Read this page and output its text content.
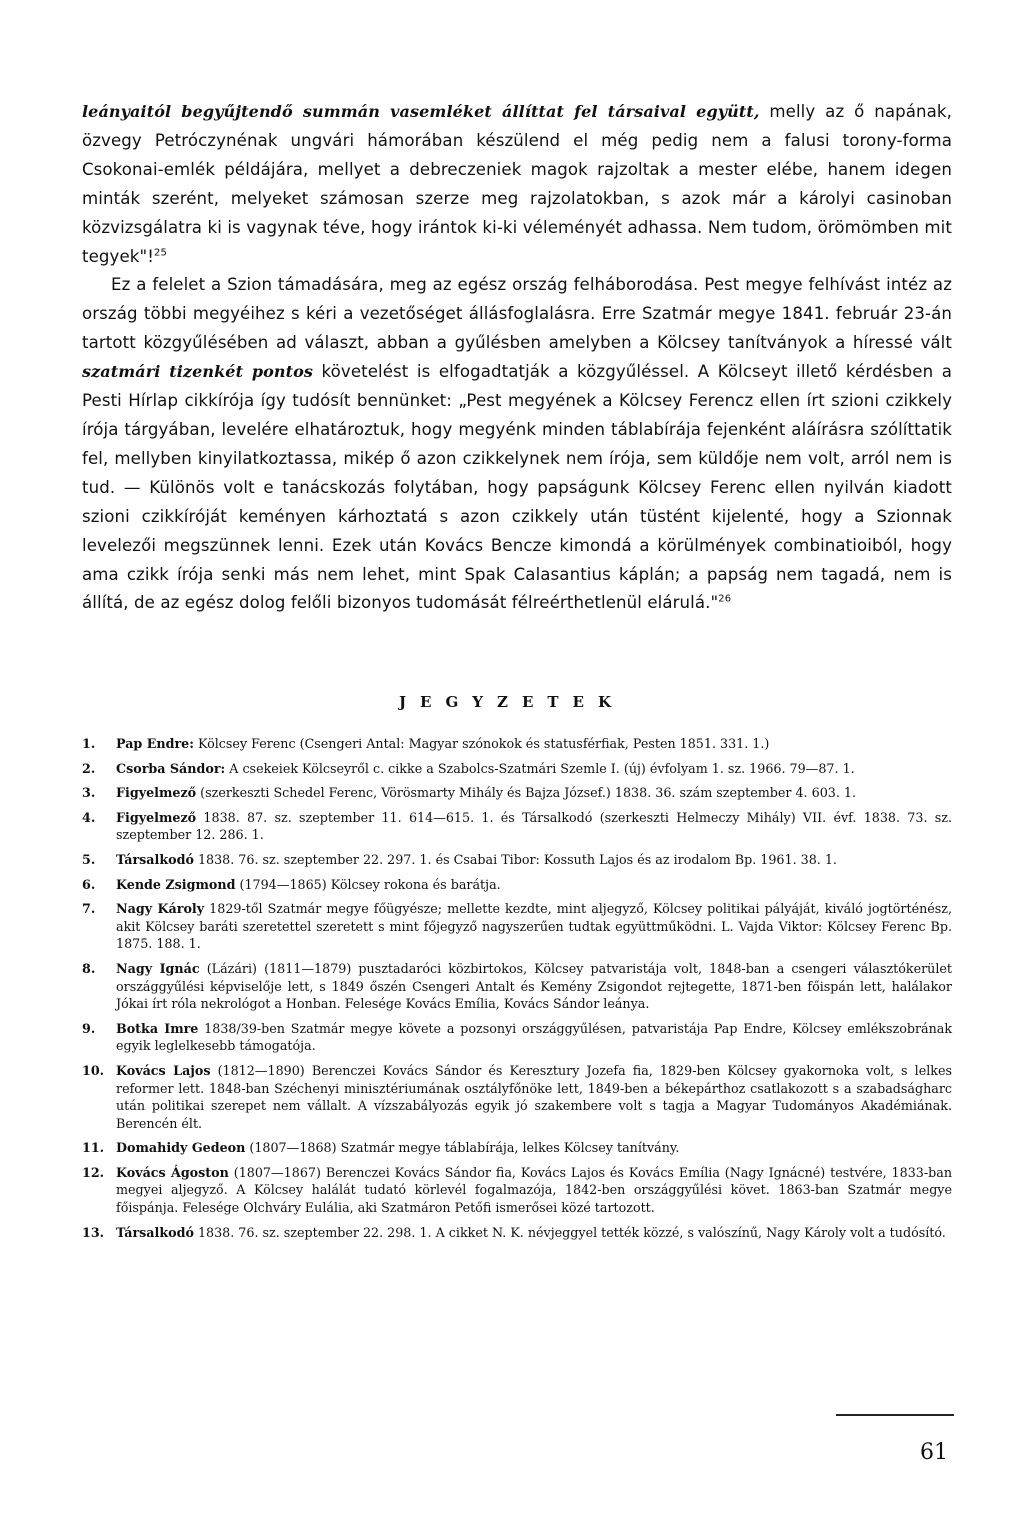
leányaitól begyűjtendő summán vasemléket állíttat fel társaival együtt, melly az ő napának, özvegy Petróczynénak ungvári hámorában készülend el még pedig nem a falusi torony-forma Csokonai-emlék példájára, mellyet a debreczeniek magok rajzoltak a mester elébe, hanem idegen minták szerént, melyeket számosan szerze meg rajzolatokban, s azok már a károlyi casinoban közvizsgálatra ki is vagynak téve, hogy irántok ki-ki véleményét adhassa. Nem tudom, örömömben mit tegyek"!$^{25}$

Ez a felelet a Szion támadására, meg az egész ország felháborodása. Pest megye felhívást intéz az ország többi megyéihez s kéri a vezetőséget állásfoglalásra. Erre Szatmár megye 1841. február 23-án tartott közgyűlésében ad választ, abban a gyűlésben amelyben a Kölcsey tanítványok a híressé vált szatmári tizenkét pontos követelést is elfogadtatják a közgyűléssel. A Kölcseyt illető kérdésben a Pesti Hírlap cikkírója így tudósít bennünket: „Pest megyének a Kölcsey Ferencz ellen írt szioni czikkely írója tárgyában, levelére elhatároztuk, hogy megyénk minden táblabírája fejenként aláírásra szólíttatik fel, mellyben kinyilatkoztassa, mikép ő azon czikkelynek nem írója, sem küldője nem volt, arról nem is tud. — Különös volt e tanácskozás folytában, hogy papságunk Kölcsey Ferenc ellen nyilván kiadott szioni czikkíróját keményen kárhoztatá s azon czikkely után tüstént kijelenté, hogy a Szionnak levelezői megszünnek lenni. Ezek után Kovács Bencze kimondá a körülmények combinatioiból, hogy ama czikk írója senki más nem lehet, mint Spak Calasantius káplán; a papság nem tagadá, nem is állítá, de az egész dolog felőli bizonyos tudomását félreérthetlenül elárulá."$^{26}$

JEGYZETEK
1.	Pap Endre: Kölcsey Ferenc (Csengeri Antal: Magyar szónokok és statusférfiak, Pesten 1851. 331. 1.)
2.	Csorba Sándor: A csekeiek Kölcseyről c. cikke a Szabolcs-Szatmári Szemle I. (új) évfolyam 1. sz. 1966. 79—87. 1.
3.	Figyelmező (szerkeszti Schedel Ferenc, Vörösmarty Mihály és Bajza József.) 1838. 36. szám szeptember 4. 603. 1.
4.	Figyelmező 1838. 87. sz. szeptember 11. 614—615. 1. és Társalkodó (szerkeszti Helmeczy Mihály) VII. évf. 1838. 73. sz. szeptember 12. 286. 1.
5.	Társalkodó 1838. 76. sz. szeptember 22. 297. 1. és Csabai Tibor: Kossuth Lajos és az irodalom Bp. 1961. 38. 1.
6.	Kende Zsigmond (1794—1865) Kölcsey rokona és barátja.
7.	Nagy Károly 1829-től Szatmár megye főügyésze; mellette kezdte, mint aljegyző, Kölcsey politikai pályáját, kiváló jogtörténész, akit Kölcsey baráti szeretettel szeretett s mint főjegyző nagyszerűen tudtak együttműködni. L. Vajda Viktor: Kölcsey Ferenc Bp. 1875. 188. 1.
8.	Nagy Ignác (Lázári) (1811—1879) pusztadaróci közbirtokos, Kölcsey patvaristája volt, 1848-ban a csengeri választókerület országgyűlési képviselője lett, s 1849 őszén Csengeri Antalt és Kemény Zsigondot rejtegette, 1871-ben főispán lett, halálakor Jókai írt róla nekrológot a Honban. Felesége Kovács Emília, Kovács Sándor leánya.
9.	Botka Imre 1838/39-ben Szatmár megye követe a pozsonyi országgyűlésen, patvaristája Pap Endre, Kölcsey emlékszobrának egyik leglelkesebb támogatója.
10. Kovács Lajos (1812—1890) Berenczei Kovács Sándor és Keresztury Jozefa fia, 1829-ben Kölcsey gyakornoka volt, s lelkes reformer lett. 1848-ban Széchenyi minisztériumának osztályfőnöke lett, 1849-ben a békepárthoz csatlakozott s a szabadságharc után politikai szerepet nem vállalt. A vízszabályozás egyik jó szakembere volt s tagja a Magyar Tudományos Akadémiának. Berencén élt.
11. Domahidy Gedeon (1807—1868) Szatmár megye táblabírája, lelkes Kölcsey tanítvány.
12. Kovács Ágoston (1807—1867) Berenczei Kovács Sándor fia, Kovács Lajos és Kovács Emília (Nagy Ignácné) testvére, 1833-ban megyei aljegyző. A Kölcsey halálát tudató körlevél fogalmazója, 1842-ben országgyűlési követ. 1863-ban Szatmár megye főispánja. Felesége Olchváry Eulália, aki Szatmáron Petőfi ismerősei közé tartozott.
13. Társalkodó 1838. 76. sz. szeptember 22. 298. 1. A cikket N. K. névjeggyel tették közzé, s valószínű, Nagy Károly volt a tudósító.
61
